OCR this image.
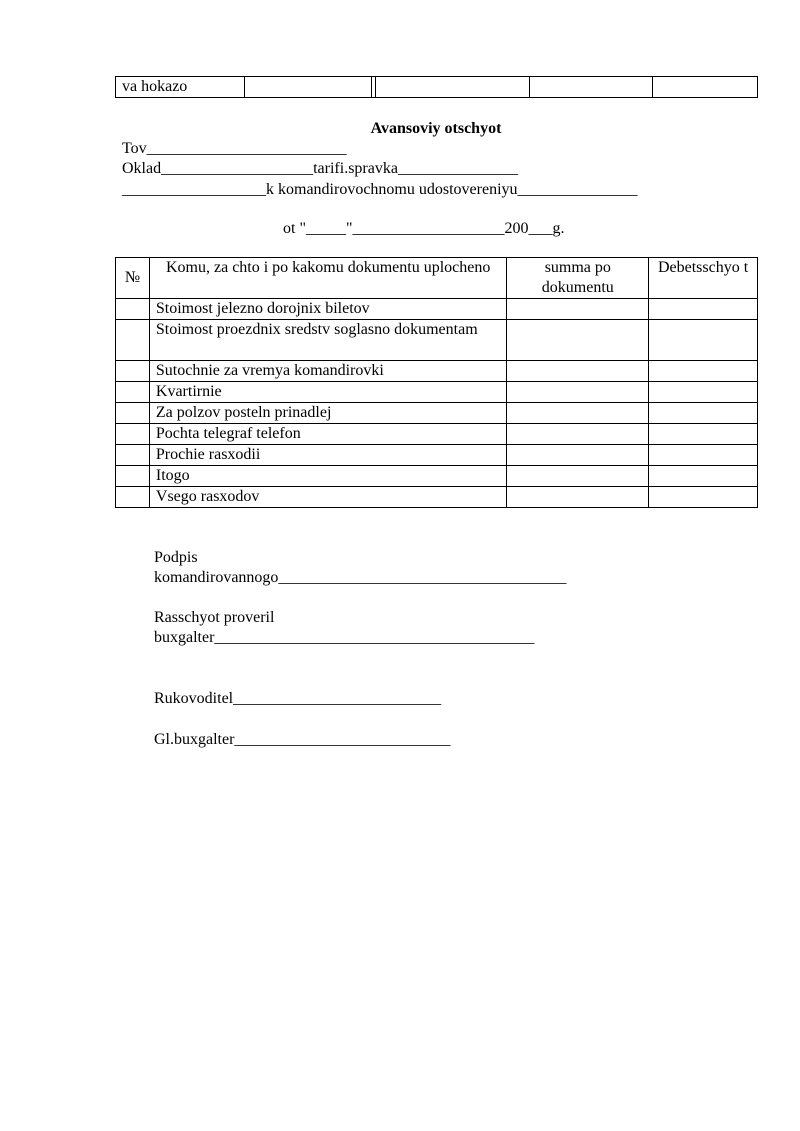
va hokazo					
Avansoviy otschyot
Tov_________________________
Oklad___________________tarifi.spravka_______________
__________________k komandirovochnomu udostovereniyu_______________
ot "_____"___________________200___g.
№	Komu, za chto i po kakomu dokumentu uplocheno	summa po dokumentu	Debetsschyo t
	Stoimost jelezno dorojnix biletov		
	Stoimost proezdnix sredstv soglasno dokumentam		
	Sutochnie za vremya komandirovki		
	Kvartirnie		
	Za polzov posteln prinadlej		
	Pochta telegraf telefon		
	Prochie rasxodii		
	Itogo		
	Vsego rasxodov		
Podpis
komandirovannogo____________________________________
Rasschyot proveril
buxgalter________________________________________
Rukovoditel__________________________
Gl.buxgalter___________________________
